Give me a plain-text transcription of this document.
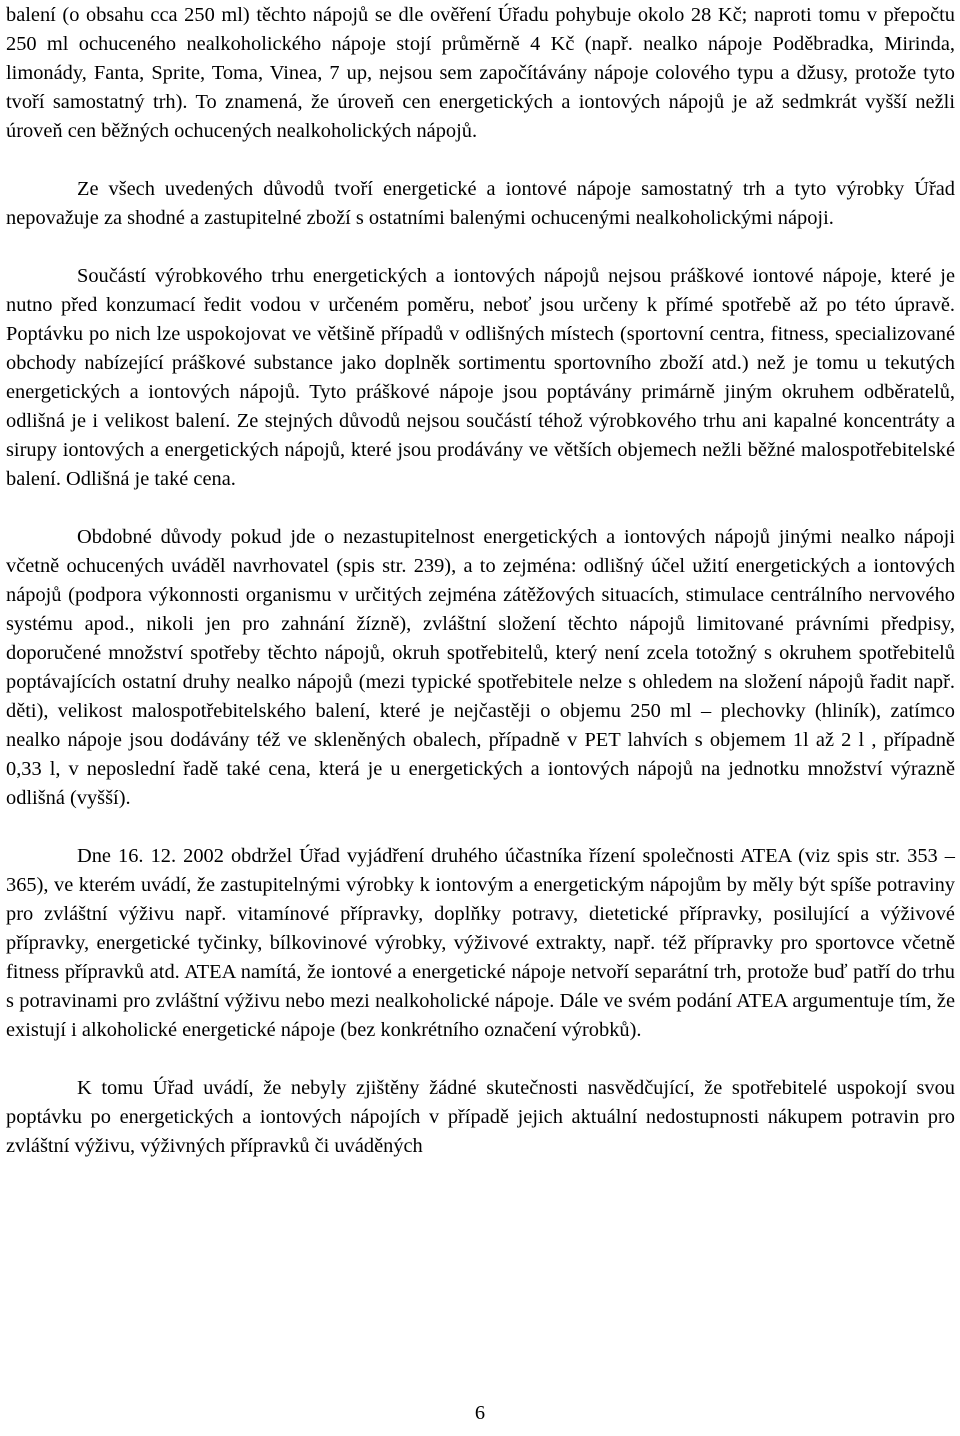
balení (o obsahu cca 250 ml) těchto nápojů se dle ověření Úřadu pohybuje okolo 28 Kč; naproti tomu v přepočtu 250 ml ochuceného nealkoholického nápoje stojí průměrně 4 Kč (např. nealko nápoje Poděbradka, Mirinda, limonády, Fanta, Sprite, Toma, Vinea, 7 up, nejsou sem započítávány nápoje colového typu a džusy, protože tyto tvoří samostatný trh). To znamená, že úroveň cen energetických a iontových nápojů je až sedmkrát vyšší nežli úroveň cen běžných ochucených nealkoholických nápojů.

Ze všech uvedených důvodů tvoří energetické a iontové nápoje samostatný trh a tyto výrobky Úřad nepovažuje za shodné a zastupitelné zboží s ostatními balenými ochucenými nealkoholickými nápoji.

Součástí výrobkového trhu energetických a iontových nápojů nejsou práškové iontové nápoje, které je nutno před konzumací ředit vodou v určeném poměru, neboť jsou určeny k přímé spotřebě až po této úpravě. Poptávku po nich lze uspokojovat ve většině případů v odlišných místech (sportovní centra, fitness, specializované obchody nabízející práškové substance jako doplněk sortimentu sportovního zboží atd.) než je tomu u tekutých energetických a iontových nápojů. Tyto práškové nápoje jsou poptávány primárně jiným okruhem odběratelů, odlišná je i velikost balení. Ze stejných důvodů nejsou součástí téhož výrobkového trhu ani kapalné koncentráty a sirupy iontových a energetických nápojů, které jsou prodávány ve větších objemech nežli běžné malospotřebitelské balení. Odlišná je také cena.

Obdobné důvody pokud jde o nezastupitelnost energetických a iontových nápojů jinými nealko nápoji včetně ochucených uváděl navrhovatel (spis str. 239), a to zejména: odlišný účel užití energetických a iontových nápojů (podpora výkonnosti organismu v určitých zejména zátěžových situacích, stimulace centrálního nervového systému apod., nikoli jen pro zahnání žízně), zvláštní složení těchto nápojů limitované právními předpisy, doporučené množství spotřeby těchto nápojů, okruh spotřebitelů, který není zcela totožný s okruhem spotřebitelů poptávajících ostatní druhy nealko nápojů (mezi typické spotřebitele nelze s ohledem na složení nápojů řadit např. děti), velikost malospotřebitelského balení, které je nejčastěji o objemu 250 ml – plechovky (hliník), zatímco nealko nápoje jsou dodávány též ve skleněných obalech, případně v PET lahvích s objemem 1l až 2 l , případně 0,33 l, v neposlední řadě také cena, která je u energetických a iontových nápojů na jednotku množství výrazně odlišná (vyšší).

Dne 16. 12. 2002 obdržel Úřad vyjádření druhého účastníka řízení společnosti ATEA (viz spis str. 353 – 365), ve kterém uvádí, že zastupitelnými výrobky k iontovým a energetickým nápojům by měly být spíše potraviny pro zvláštní výživu např. vitamínové přípravky, doplňky potravy, dietetické přípravky, posilující a výživové přípravky, energetické tyčinky, bílkovinové výrobky, výživové extrakty, např. též přípravky pro sportovce včetně fitness přípravků atd. ATEA namítá, že iontové a energetické nápoje netvoří separátní trh, protože buď patří do trhu s potravinami pro zvláštní výživu nebo mezi nealkoholické nápoje. Dále ve svém podání ATEA argumentuje tím, že existují i alkoholické energetické nápoje (bez konkrétního označení výrobků).

K tomu Úřad uvádí, že nebyly zjištěny žádné skutečnosti nasvědčující, že spotřebitelé uspokojí svou poptávku po energetických a iontových nápojích v případě jejich aktuální nedostupnosti nákupem potravin pro zvláštní výživu, výživných přípravků či uváděných

6
